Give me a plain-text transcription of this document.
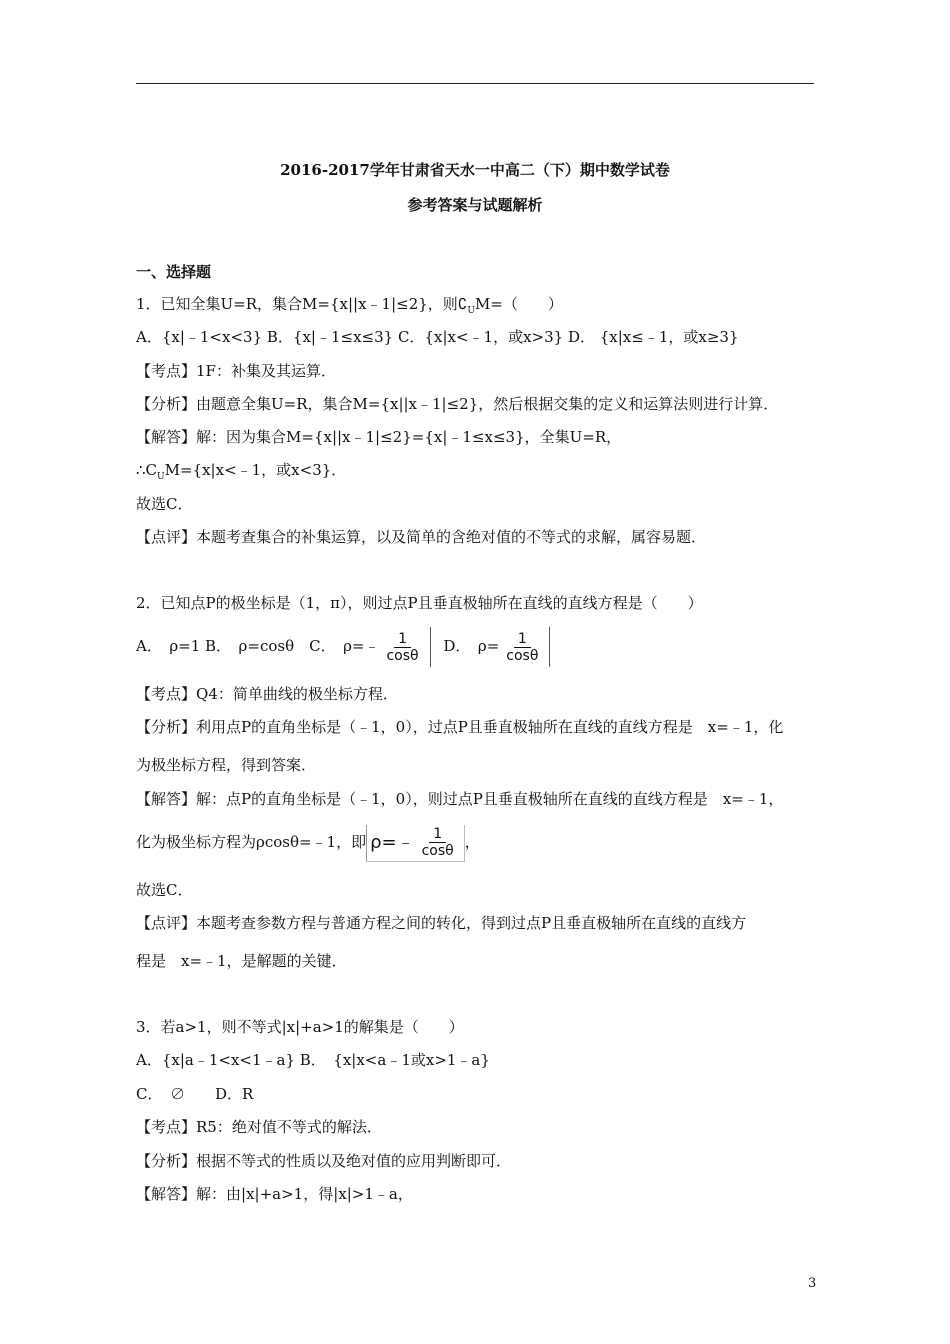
2016-2017学年甘肃省天水一中高二（下）期中数学试卷
参考答案与试题解析
一、选择题
1．已知全集U=R，集合M={x||x﹣1|≤2}，则$∁_UM=$（　　）
A．{x|﹣1<x<3} B．{x|﹣1≤x≤3} C．{x|x<﹣1，或x>3} D． {x|x≤﹣1，或x≥3}
【考点】1F：补集及其运算．
【分析】由题意全集U=R，集合M={x||x﹣1|≤2}，然后根据交集的定义和运算法则进行计算．
【解答】解：因为集合M={x||x﹣1|≤2}={x|﹣1≤x≤3}，全集U=R，
$\therefore C_UM=\{x|x<﹣1$，或x<3}．
故选C．
【点评】本题考查集合的补集运算，以及简单的含绝对值的不等式的求解，属容易题．
2．已知点P的极坐标是（1，π），则过点P且垂直极轴所在直线的直线方程是（　　）
A．　ρ=1 B．　ρ=cosθ　C．　ρ=﹣ $\frac{1}{\cos\theta}$ D．　$\rho= \frac{1}{\cos\theta}$
【考点】Q4：简单曲线的极坐标方程．
【分析】利用点P的直角坐标是（﹣1，0），过点P且垂直极轴所在直线的直线方程是　x=﹣1，化
为极坐标方程，得到答案．
【解答】解：点P的直角坐标是（﹣1，0），则过点P且垂直极轴所在直线的直线方程是　x=﹣1，
化为极坐标方程为ρcosθ=﹣1，即 ρ=﹣ $\frac{1}{\cos\theta}$ ，
故选C．
【点评】本题考查参数方程与普通方程之间的转化，得到过点P且垂直极轴所在直线的直线方
程是　x=﹣1，是解题的关键．
3．若a>1，则不等式|x|+a>1的解集是（　　）
A．{x|a﹣1<x<1﹣a} B．　{x|x<a﹣1或x>1﹣a}
C．　∅　　D．R
【考点】R5：绝对值不等式的解法．
【分析】根据不等式的性质以及绝对值的应用判断即可．
【解答】解：由|x|+a>1，得|x|>1﹣a，
3
